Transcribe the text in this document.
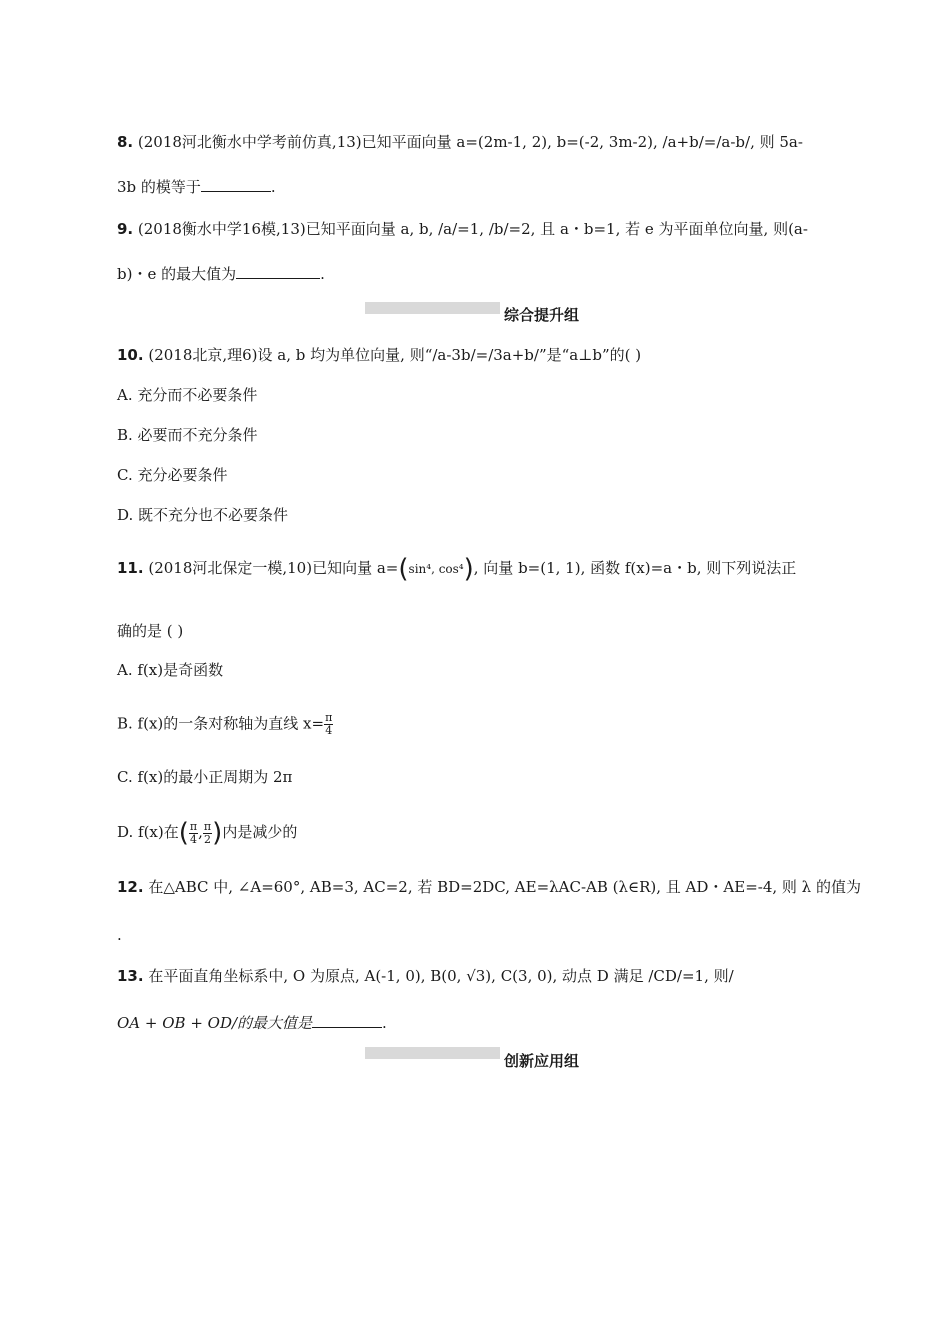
8. (2018河北衡水中学考前仿真,13)已知平面向量 a=(2m-1, 2), b=(-2, 3m-2), /a+b/=/a-b/, 则 5a-
3b 的模等于	.
9. (2018衡水中学16模,13)已知平面向量 a, b, /a/=1, /b/=2, 且 a・b=1, 若 e 为平面单位向量, 则(a-
b)・e 的最大值为	.
综合提升组
10. (2018北京,理6)设 a, b 均为单位向量, 则“/a-3b/=/3a+b/”是“a⊥b”的( )
A. 充分而不必要条件
B. 必要而不充分条件
C. 充分必要条件
D. 既不充分也不必要条件
11. (2018河北保定一模,10)已知向量 a=(sin⁴, cos⁴), 向量 b=(1, 1), 函数 f(x)=a・b, 则下列说法正
确的是 ( )
A. f(x)是奇函数
B. f(x)的一条对称轴为直线 $x= \frac{\pi}{4}$
C. f(x)的最小正周期为 2π
D. f(x)在( $\frac{\pi}{4}$ , $\frac{\pi}{2}$ )内是减少的
12. 在△ABC 中, ∠A=60°, AB=3, AC=2, 若 BD=2DC, AE=λAC-AB (λ∈R), 且 AD・AE=-4, 则 λ 的值为
.
13. 在平面直角坐标系中, O 为原点, A(-1, 0), B(0, √3), C(3, 0), 动点 D 满足 /CD/=1, 则/
OA + OB + OD/的最大值是	.
创新应用组
